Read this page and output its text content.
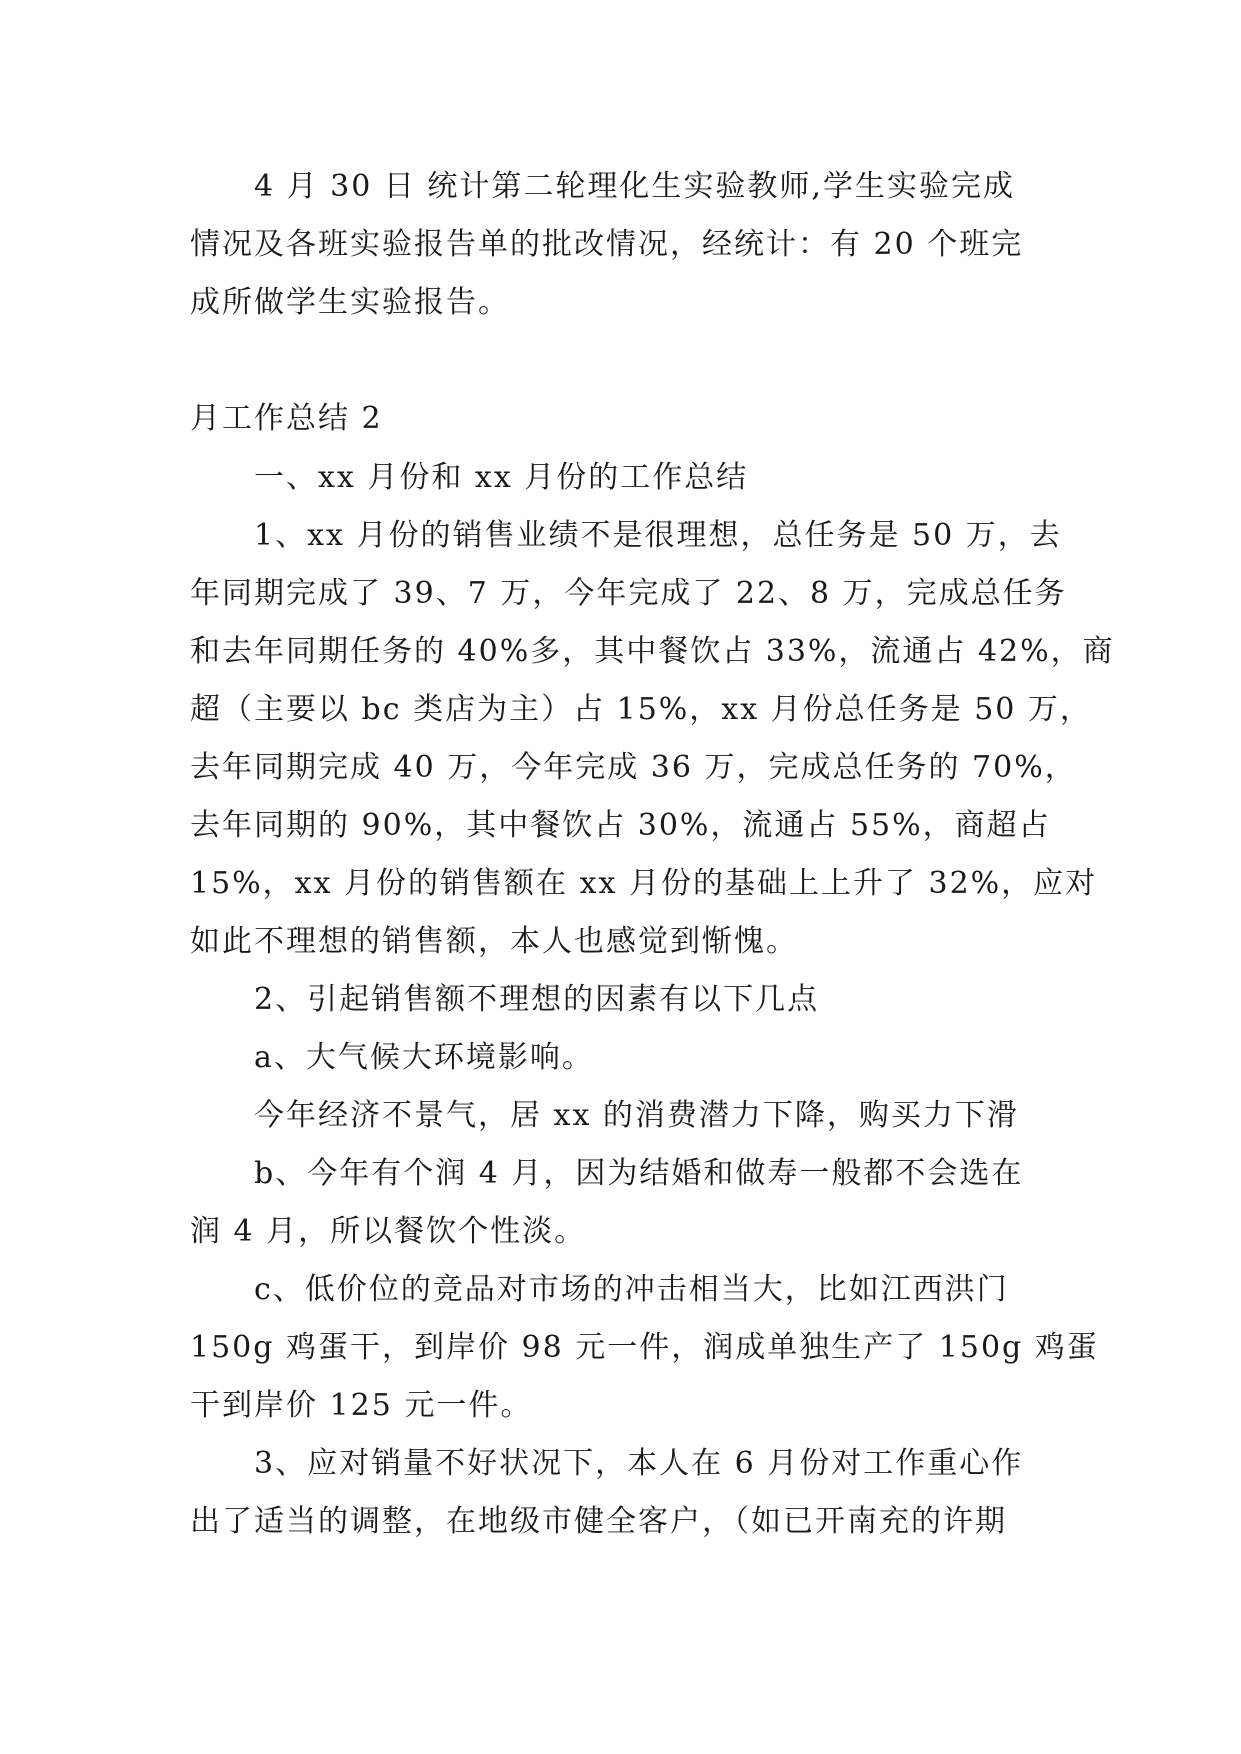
4 月 30 日 统计第二轮理化生实验教师,学生实验完成
情况及各班实验报告单的批改情况，经统计：有 20 个班完
成所做学生实验报告。
月工作总结 2
一、xx 月份和 xx 月份的工作总结
1、xx 月份的销售业绩不是很理想，总任务是 50 万，去
年同期完成了 39、7 万，今年完成了 22、8 万，完成总任务
和去年同期任务的 40%多，其中餐饮占 33%，流通占 42%，商
超（主要以 bc 类店为主）占 15%，xx 月份总任务是 50 万，
去年同期完成 40 万，今年完成 36 万，完成总任务的 70%，
去年同期的 90%，其中餐饮占 30%，流通占 55%，商超占
15%，xx 月份的销售额在 xx 月份的基础上上升了 32%，应对
如此不理想的销售额，本人也感觉到惭愧。
2、引起销售额不理想的因素有以下几点
a、大气候大环境影响。
今年经济不景气，居 xx 的消费潜力下降，购买力下滑
b、今年有个润 4 月，因为结婚和做寿一般都不会选在
润 4 月，所以餐饮个性淡。
c、低价位的竞品对市场的冲击相当大，比如江西洪门
150g 鸡蛋干，到岸价 98 元一件，润成单独生产了 150g 鸡蛋
干到岸价 125 元一件。
3、应对销量不好状况下，本人在 6 月份对工作重心作
出了适当的调整，在地级市健全客户，（如已开南充的许期
